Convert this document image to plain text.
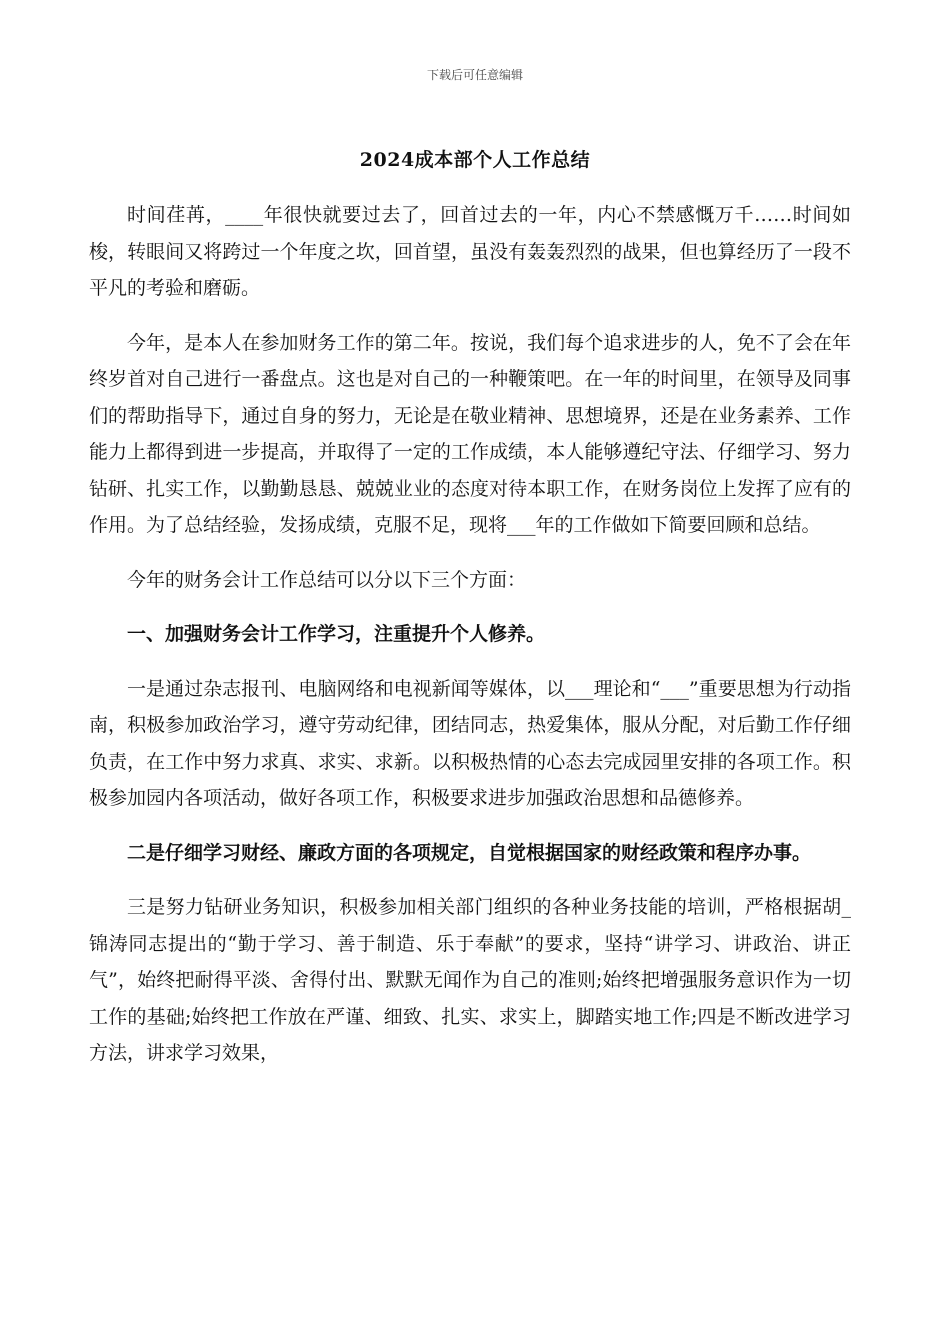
下载后可任意编辑
2024成本部个人工作总结

时间荏苒，____年很快就要过去了，回首过去的一年，内心不禁感慨万千……时间如梭，转眼间又将跨过一个年度之坎，回首望，虽没有轰轰烈烈的战果，但也算经历了一段不平凡的考验和磨砺。

今年，是本人在参加财务工作的第二年。按说，我们每个追求进步的人，免不了会在年终岁首对自己进行一番盘点。这也是对自己的一种鞭策吧。在一年的时间里，在领导及同事们的帮助指导下，通过自身的努力，无论是在敬业精神、思想境界，还是在业务素养、工作能力上都得到进一步提高，并取得了一定的工作成绩，本人能够遵纪守法、仔细学习、努力钻研、扎实工作，以勤勤恳恳、兢兢业业的态度对待本职工作，在财务岗位上发挥了应有的作用。为了总结经验，发扬成绩，克服不足，现将___年的工作做如下简要回顾和总结。

今年的财务会计工作总结可以分以下三个方面：

一、加强财务会计工作学习，注重提升个人修养。

一是通过杂志报刊、电脑网络和电视新闻等媒体，以___理论和“___”重要思想为行动指南，积极参加政治学习，遵守劳动纪律，团结同志，热爱集体，服从分配，对后勤工作仔细负责，在工作中努力求真、求实、求新。以积极热情的心态去完成园里安排的各项工作。积极参加园内各项活动，做好各项工作，积极要求进步加强政治思想和品德修养。

二是仔细学习财经、廉政方面的各项规定，自觉根据国家的财经政策和程序办事。

三是努力钻研业务知识，积极参加相关部门组织的各种业务技能的培训，严格根据胡_锦涛同志提出的“勤于学习、善于制造、乐于奉献”的要求，坚持“讲学习、讲政治、讲正气”，始终把耐得平淡、舍得付出、默默无闻作为自己的准则;始终把增强服务意识作为一切工作的基础;始终把工作放在严谨、细致、扎实、求实上，脚踏实地工作;四是不断改进学习方法，讲求学习效果，
